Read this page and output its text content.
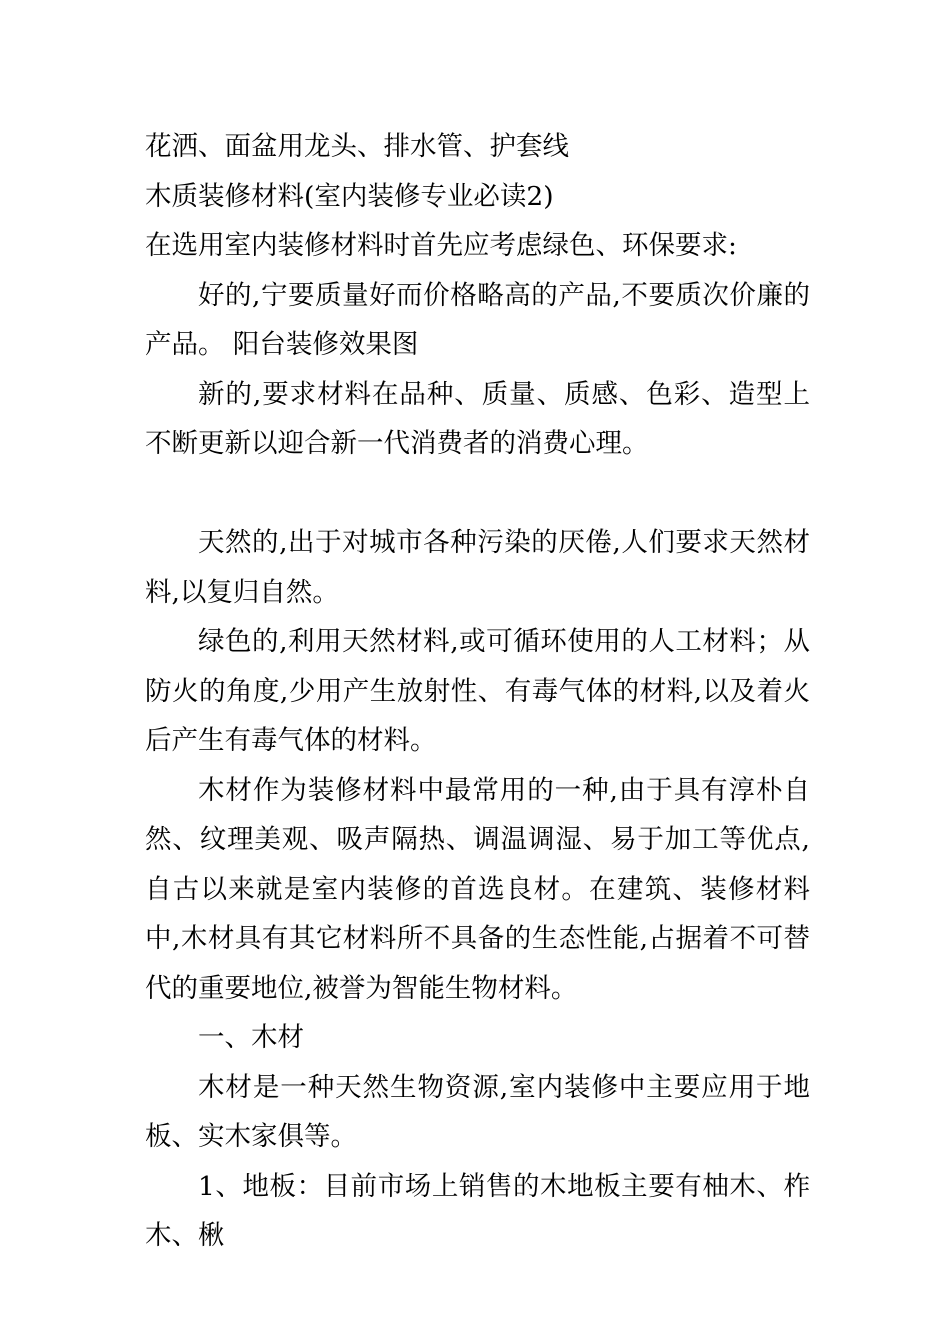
花洒、面盆用龙头、排水管、护套线

木质装修材料(室内装修专业必读2)

在选用室内装修材料时首先应考虑绿色、环保要求:

好的,宁要质量好而价格略高的产品,不要质次价廉的产品。 阳台装修效果图

新的,要求材料在品种、质量、质感、色彩、造型上不断更新以迎合新一代消费者的消费心理。

天然的,出于对城市各种污染的厌倦,人们要求天然材料,以复归自然。

绿色的,利用天然材料,或可循环使用的人工材料；从防火的角度,少用产生放射性、有毒气体的材料,以及着火后产生有毒气体的材料。

木材作为装修材料中最常用的一种,由于具有淳朴自然、纹理美观、吸声隔热、调温调湿、易于加工等优点,自古以来就是室内装修的首选良材。在建筑、装修材料中,木材具有其它材料所不具备的生态性能,占据着不可替代的重要地位,被誉为智能生物材料。

一、木材

木材是一种天然生物资源,室内装修中主要应用于地板、实木家俱等。

1、地板：目前市场上销售的木地板主要有柚木、柞木、楸
